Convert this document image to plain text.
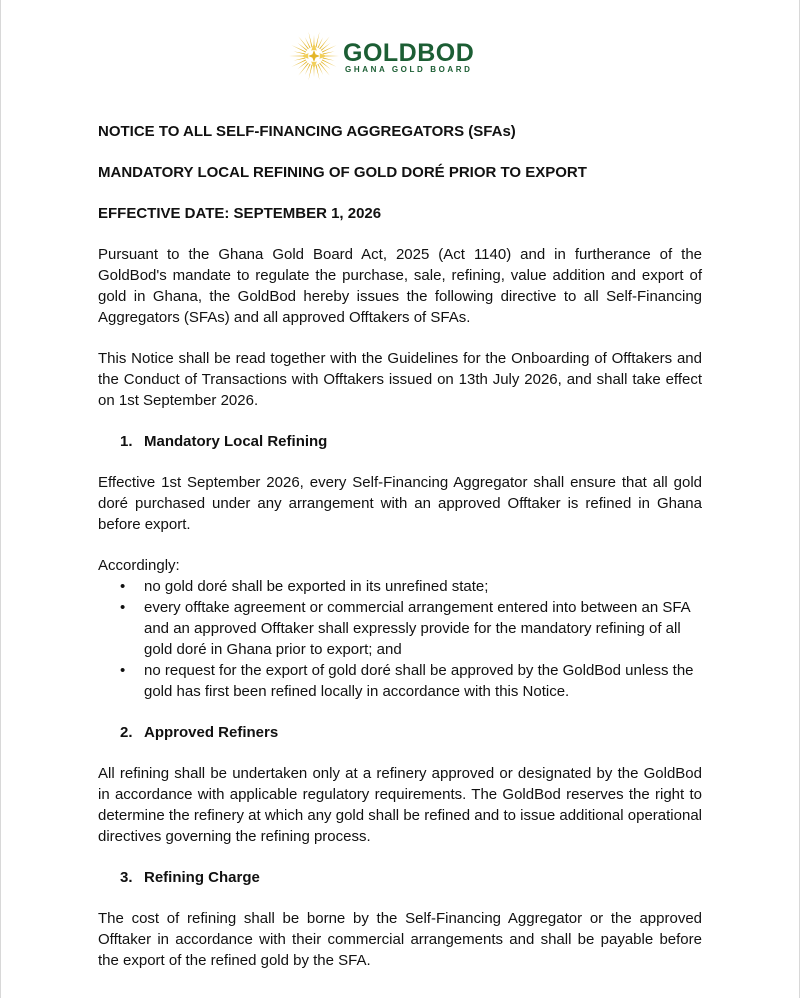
GOLDBOD
GHANA GOLD BOARD
NOTICE TO ALL SELF-FINANCING AGGREGATORS (SFAs)
MANDATORY LOCAL REFINING OF GOLD DORÉ PRIOR TO EXPORT
EFFECTIVE DATE: SEPTEMBER 1, 2026

Pursuant to the Ghana Gold Board Act, 2025 (Act 1140) and in furtherance of the GoldBod's mandate to regulate the purchase, sale, refining, value addition and export of gold in Ghana, the GoldBod hereby issues the following directive to all Self-Financing Aggregators (SFAs) and all approved Offtakers of SFAs.

This Notice shall be read together with the Guidelines for the Onboarding of Offtakers and the Conduct of Transactions with Offtakers issued on 13th July 2026, and shall take effect on 1st September 2026.

1. Mandatory Local Refining

Effective 1st September 2026, every Self-Financing Aggregator shall ensure that all gold doré purchased under any arrangement with an approved Offtaker is refined in Ghana before export.

Accordingly:

• no gold doré shall be exported in its unrefined state;
• every offtake agreement or commercial arrangement entered into between an SFA and an approved Offtaker shall expressly provide for the mandatory refining of all gold doré in Ghana prior to export; and
• no request for the export of gold doré shall be approved by the GoldBod unless the gold has first been refined locally in accordance with this Notice.
2. Approved Refiners

All refining shall be undertaken only at a refinery approved or designated by the GoldBod in accordance with applicable regulatory requirements. The GoldBod reserves the right to determine the refinery at which any gold shall be refined and to issue additional operational directives governing the refining process.

3. Refining Charge

The cost of refining shall be borne by the Self-Financing Aggregator or the approved Offtaker in accordance with their commercial arrangements and shall be payable before the export of the refined gold by the SFA.
